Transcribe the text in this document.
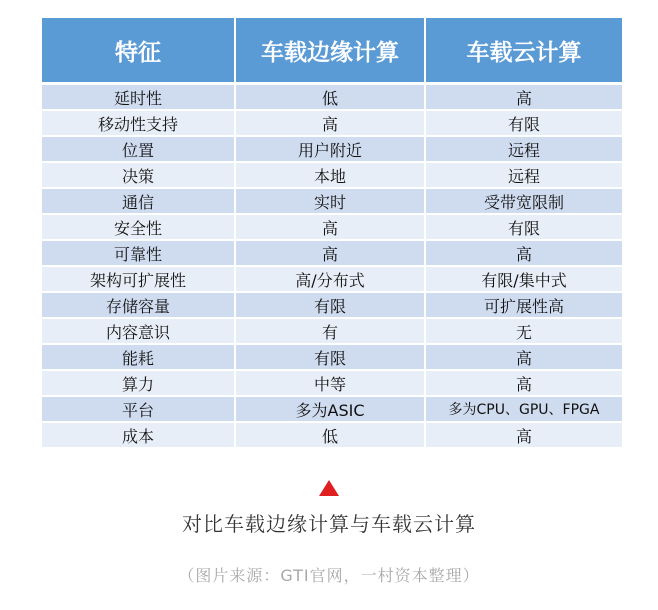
特征	车载边缘计算	车载云计算
延时性	低	高
移动性支持	高	有限
位置	用户附近	远程
决策	本地	远程
通信	实时	受带宽限制
安全性	高	有限
可靠性	高	高
架构可扩展性	高/分布式	有限/集中式
存储容量	有限	可扩展性高
内容意识	有	无
能耗	有限	高
算力	中等	高
平台	多为ASIC	多为CPU、GPU、FPGA
成本	低	高
对比车载边缘计算与车载云计算
（图片来源：GTI官网，一村资本整理）
